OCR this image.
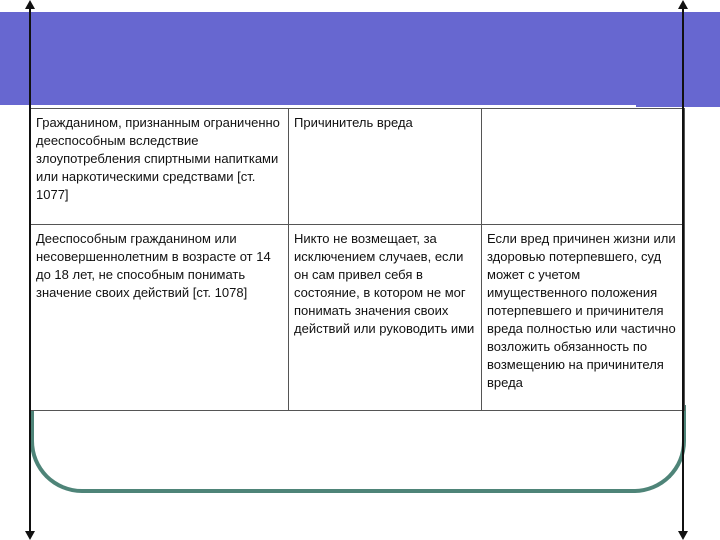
Гражданином, признанным ограниченно дееспособным вследствие злоупотребления спиртными напитками или наркотическими средствами [ст. 1077]	Причинитель вреда	
Дееспособным гражданином или несовершеннолетним в возрасте от 14 до 18 лет, не способным понимать значение своих действий [ст. 1078]	Никто не возмещает, за исключением случаев, если он сам привел себя в состояние, в котором не мог понимать значения своих действий или руководить ими	Если вред причинен жизни или здоровью потерпевшего, суд может с учетом имущественного положения потерпевшего и причинителя вреда полностью или частично возложить обязанность по возмещению на причинителя вреда
